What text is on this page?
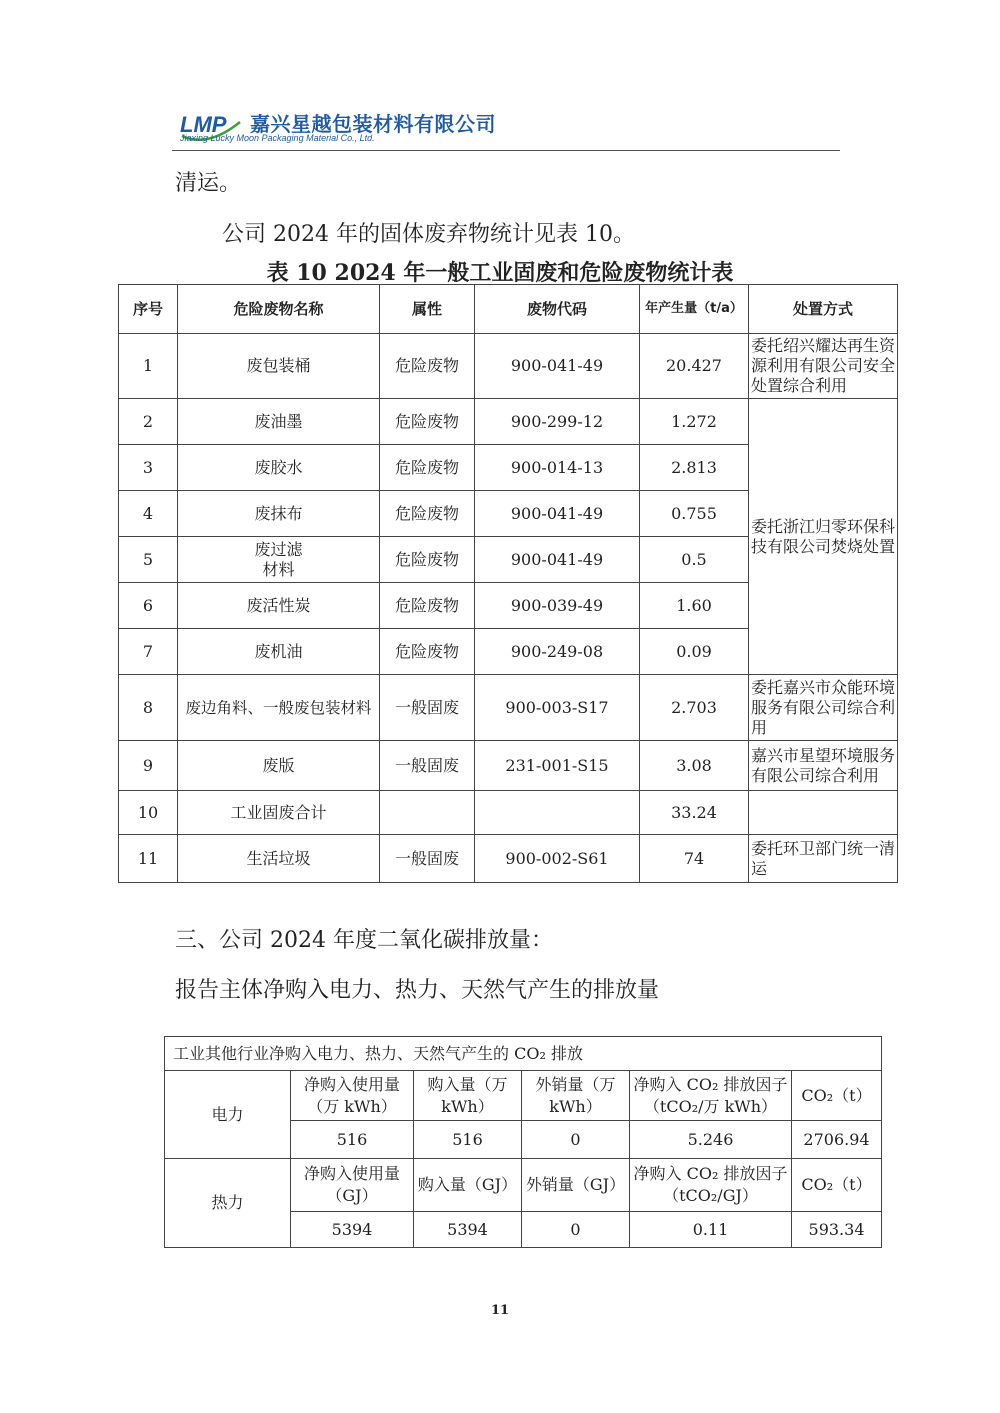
LMP 嘉兴星越包装材料有限公司
Jiaxing Lucky Moon Packaging Material Co., Ltd.
清运。
公司 2024 年的固体废弃物统计见表 10。
表 10 2024 年一般工业固废和危险废物统计表
序号	危险废物名称	属性	废物代码	年产生量（t/a）	处置方式
1	废包装桶	危险废物	900-041-49	20.427	委托绍兴耀达再生资源利用有限公司安全处置综合利用
2	废油墨	危险废物	900-299-12	1.272	委托浙江归零环保科技有限公司焚烧处置
3	废胶水	危险废物	900-014-13	2.813	
4	废抹布	危险废物	900-041-49	0.755	
5	废过滤材料	危险废物	900-041-49	0.5	
6	废活性炭	危险废物	900-039-49	1.60	
7	废机油	危险废物	900-249-08	0.09	
8	废边角料、一般废包装材料	一般固废	900-003-S17	2.703	委托嘉兴市众能环境服务有限公司综合利用
9	废版	一般固废	231-001-S15	3.08	嘉兴市星望环境服务有限公司综合利用
10	工业固废合计			33.24	
11	生活垃圾	一般固废	900-002-S61	74	委托环卫部门统一清运
三、公司 2024 年度二氧化碳排放量：
报告主体净购入电力、热力、天然气产生的排放量
工业其他行业净购入电力、热力、天然气产生的 CO₂ 排放					
电力	净购入使用量（万 kWh）	购入量（万 kWh）	外销量（万 kWh）	净购入 CO₂ 排放因子（tCO₂/万 kWh）	CO₂（t）
	516	516	0	5.246	2706.94
热力	净购入使用量（GJ）	购入量（GJ）	外销量（GJ）	净购入 CO₂ 排放因子（tCO₂/GJ）	CO₂（t）
	5394	5394	0	0.11	593.34
11
